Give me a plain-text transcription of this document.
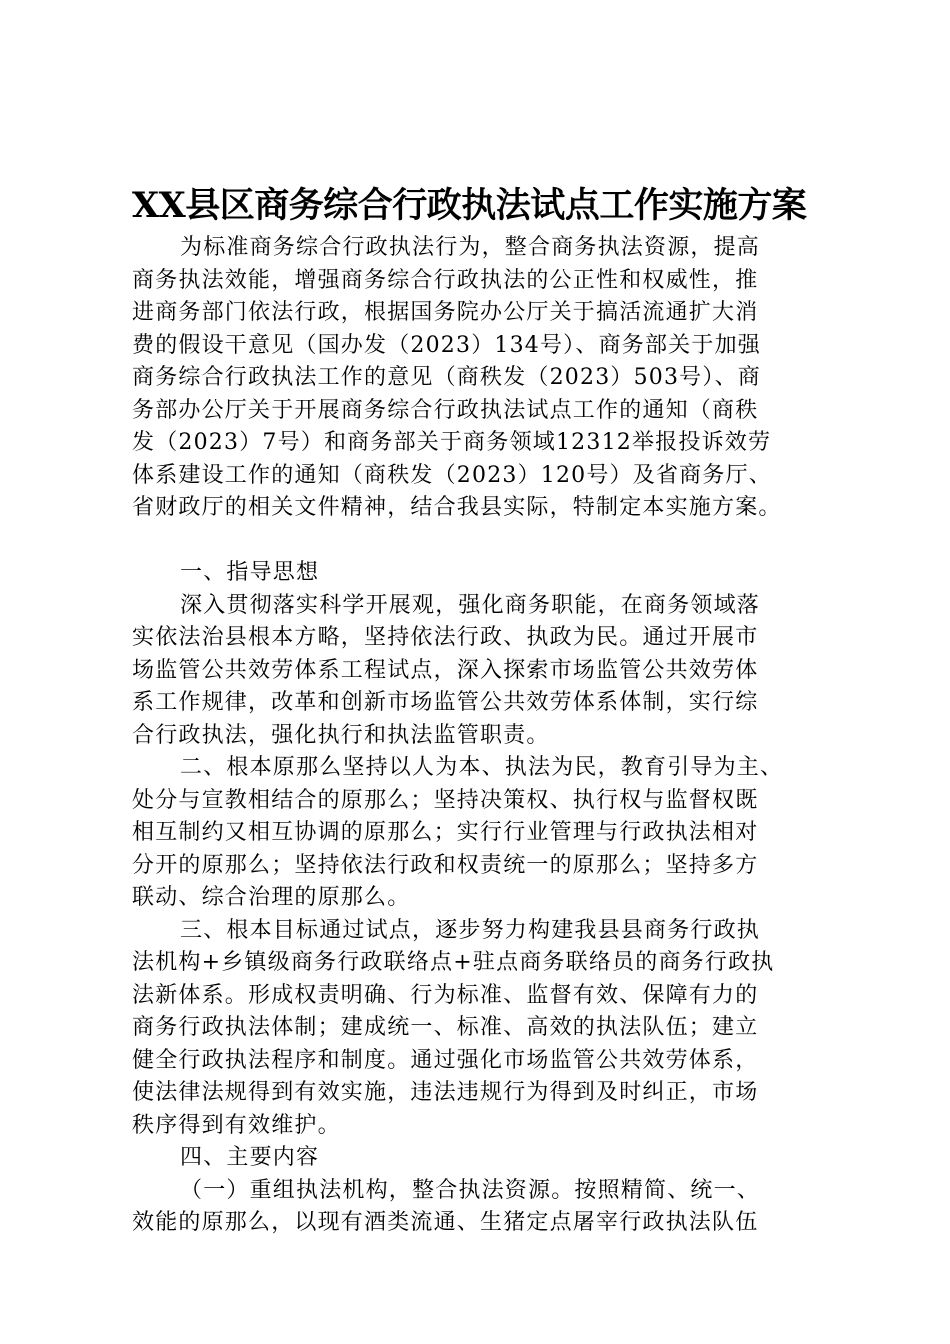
XX县区商务综合行政执法试点工作实施方案
为标准商务综合行政执法行为，整合商务执法资源，提高
商务执法效能，增强商务综合行政执法的公正性和权威性，推
进商务部门依法行政，根据国务院办公厅关于搞活流通扩大消
费的假设干意见（国办发（2023）134号）、商务部关于加强
商务综合行政执法工作的意见（商秩发（2023）503号）、商
务部办公厅关于开展商务综合行政执法试点工作的通知（商秩
发（2023）7号）和商务部关于商务领域12312举报投诉效劳
体系建设工作的通知（商秩发（2023）120号）及省商务厅、
省财政厅的相关文件精神，结合我县实际，特制定本实施方案。
一、指导思想
深入贯彻落实科学开展观，强化商务职能，在商务领域落
实依法治县根本方略，坚持依法行政、执政为民。通过开展市
场监管公共效劳体系工程试点，深入探索市场监管公共效劳体
系工作规律，改革和创新市场监管公共效劳体系体制，实行综
合行政执法，强化执行和执法监管职责。
二、根本原那么坚持以人为本、执法为民，教育引导为主、
处分与宣教相结合的原那么；坚持决策权、执行权与监督权既
相互制约又相互协调的原那么；实行行业管理与行政执法相对
分开的原那么；坚持依法行政和权责统一的原那么；坚持多方
联动、综合治理的原那么。
三、根本目标通过试点，逐步努力构建我县县商务行政执
法机构+乡镇级商务行政联络点+驻点商务联络员的商务行政执
法新体系。形成权责明确、行为标准、监督有效、保障有力的
商务行政执法体制；建成统一、标准、高效的执法队伍；建立
健全行政执法程序和制度。通过强化市场监管公共效劳体系，
使法律法规得到有效实施，违法违规行为得到及时纠正，市场
秩序得到有效维护。
四、主要内容
（一）重组执法机构，整合执法资源。按照精简、统一、
效能的原那么，以现有酒类流通、生猪定点屠宰行政执法队伍
